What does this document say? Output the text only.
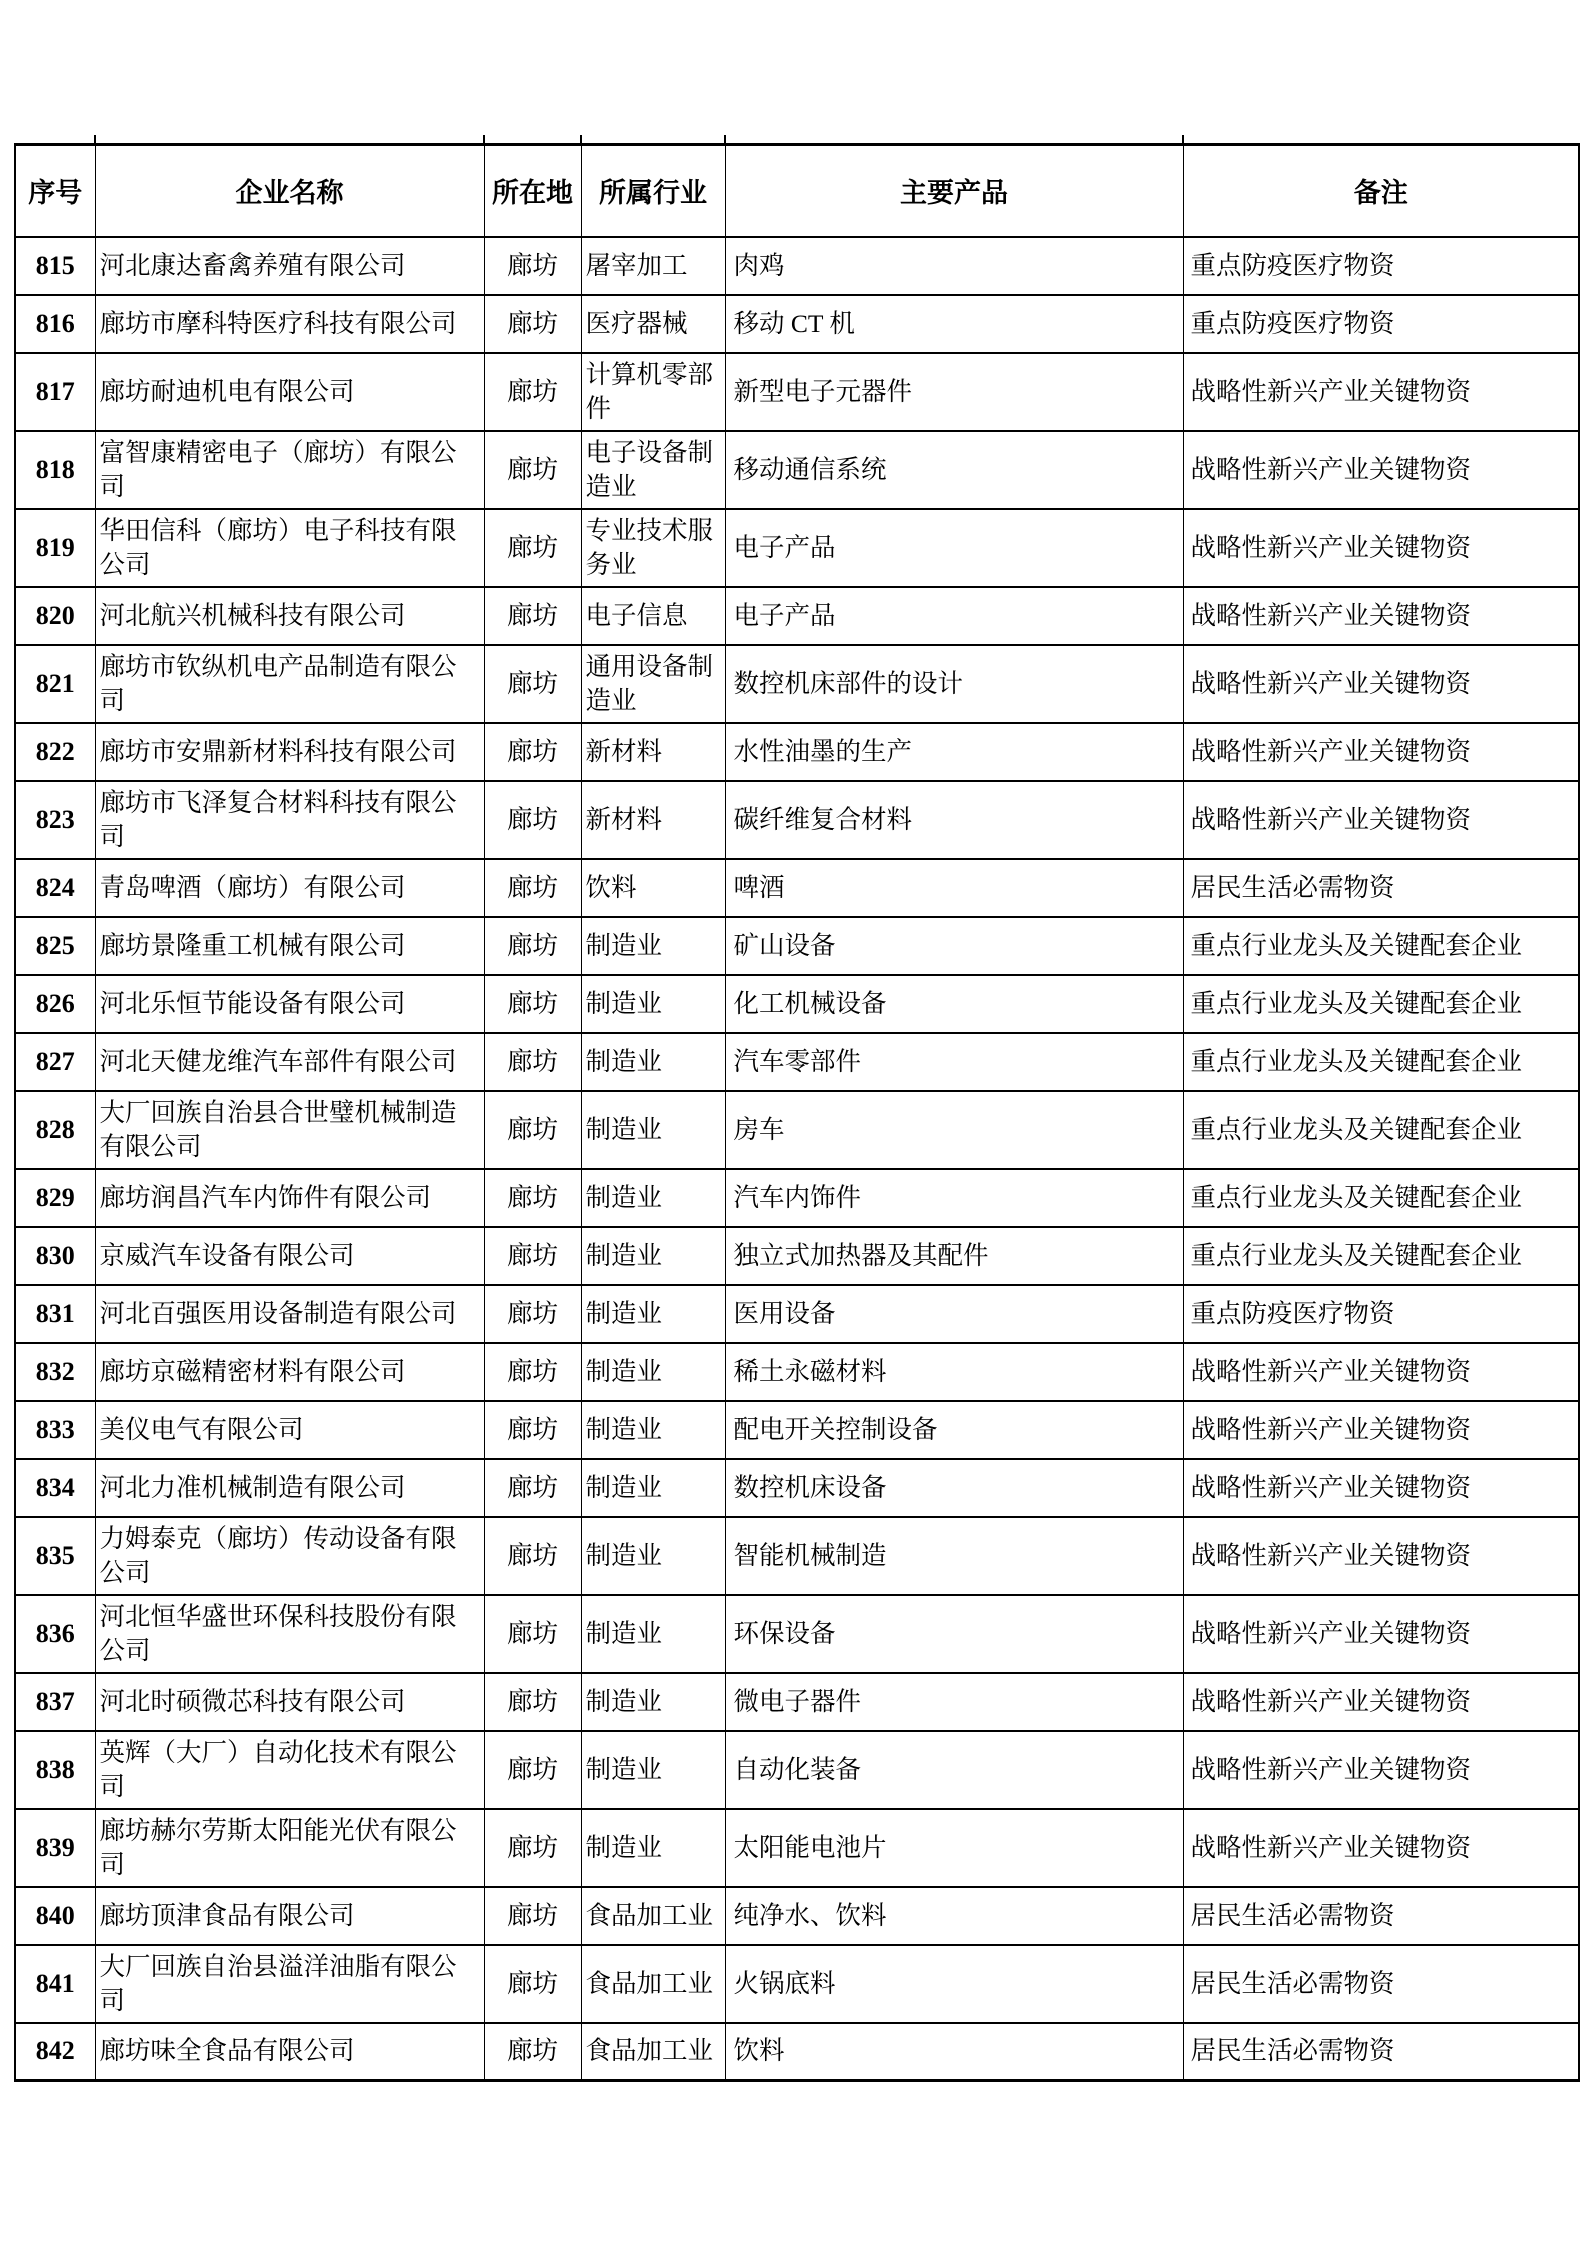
序号	企业名称	所在地	所属行业	主要产品	备注
815	河北康达畜禽养殖有限公司	廊坊	屠宰加工	肉鸡	重点防疫医疗物资
816	廊坊市摩科特医疗科技有限公司	廊坊	医疗器械	移动 CT 机	重点防疫医疗物资
817	廊坊耐迪机电有限公司	廊坊	计算机零部件	新型电子元器件	战略性新兴产业关键物资
818	富智康精密电子（廊坊）有限公司	廊坊	电子设备制造业	移动通信系统	战略性新兴产业关键物资
819	华田信科（廊坊）电子科技有限公司	廊坊	专业技术服务业	电子产品	战略性新兴产业关键物资
820	河北航兴机械科技有限公司	廊坊	电子信息	电子产品	战略性新兴产业关键物资
821	廊坊市钦纵机电产品制造有限公司	廊坊	通用设备制造业	数控机床部件的设计	战略性新兴产业关键物资
822	廊坊市安鼎新材料科技有限公司	廊坊	新材料	水性油墨的生产	战略性新兴产业关键物资
823	廊坊市飞泽复合材料科技有限公司	廊坊	新材料	碳纤维复合材料	战略性新兴产业关键物资
824	青岛啤酒（廊坊）有限公司	廊坊	饮料	啤酒	居民生活必需物资
825	廊坊景隆重工机械有限公司	廊坊	制造业	矿山设备	重点行业龙头及关键配套企业
826	河北乐恒节能设备有限公司	廊坊	制造业	化工机械设备	重点行业龙头及关键配套企业
827	河北天健龙维汽车部件有限公司	廊坊	制造业	汽车零部件	重点行业龙头及关键配套企业
828	大厂回族自治县合世璧机械制造有限公司	廊坊	制造业	房车	重点行业龙头及关键配套企业
829	廊坊润昌汽车内饰件有限公司	廊坊	制造业	汽车内饰件	重点行业龙头及关键配套企业
830	京威汽车设备有限公司	廊坊	制造业	独立式加热器及其配件	重点行业龙头及关键配套企业
831	河北百强医用设备制造有限公司	廊坊	制造业	医用设备	重点防疫医疗物资
832	廊坊京磁精密材料有限公司	廊坊	制造业	稀土永磁材料	战略性新兴产业关键物资
833	美仪电气有限公司	廊坊	制造业	配电开关控制设备	战略性新兴产业关键物资
834	河北力准机械制造有限公司	廊坊	制造业	数控机床设备	战略性新兴产业关键物资
835	力姆泰克（廊坊）传动设备有限公司	廊坊	制造业	智能机械制造	战略性新兴产业关键物资
836	河北恒华盛世环保科技股份有限公司	廊坊	制造业	环保设备	战略性新兴产业关键物资
837	河北时硕微芯科技有限公司	廊坊	制造业	微电子器件	战略性新兴产业关键物资
838	英辉（大厂）自动化技术有限公司	廊坊	制造业	自动化装备	战略性新兴产业关键物资
839	廊坊赫尔劳斯太阳能光伏有限公司	廊坊	制造业	太阳能电池片	战略性新兴产业关键物资
840	廊坊顶津食品有限公司	廊坊	食品加工业	纯净水、饮料	居民生活必需物资
841	大厂回族自治县溢洋油脂有限公司	廊坊	食品加工业	火锅底料	居民生活必需物资
842	廊坊味全食品有限公司	廊坊	食品加工业	饮料	居民生活必需物资
